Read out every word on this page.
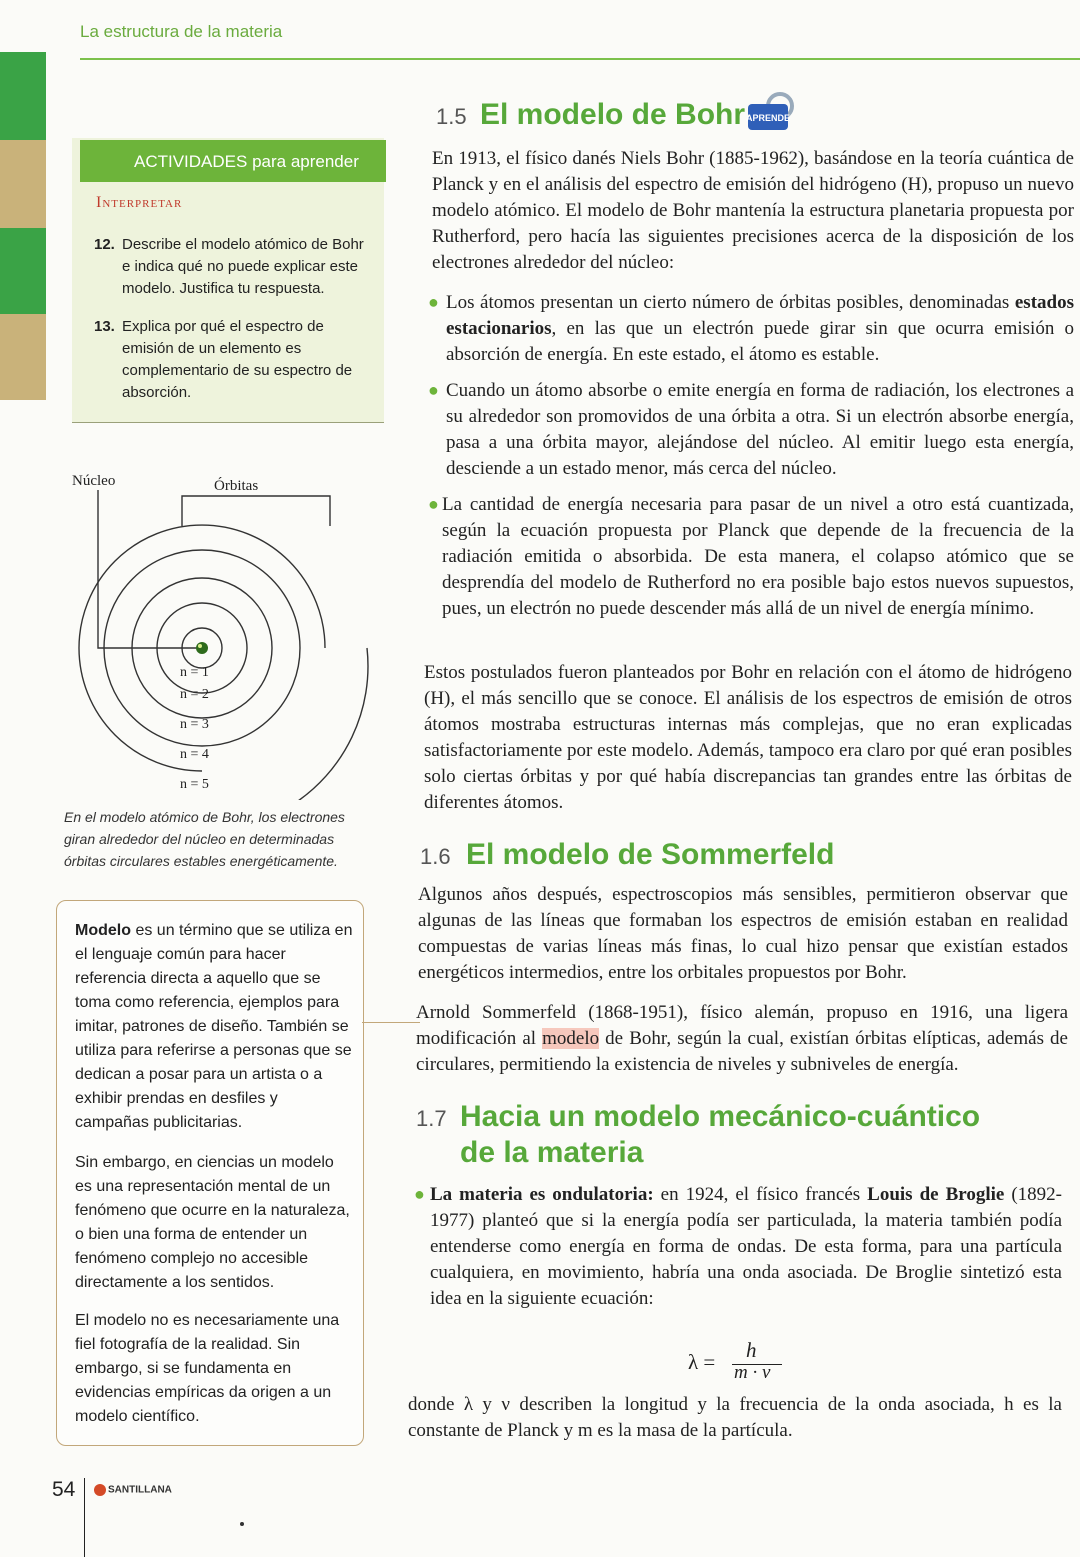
La estructura de la materia
ACTIVIDADES para aprender
Interpretar
12. Describe el modelo atómico de Bohr e indica qué no puede explicar este modelo. Justifica tu respuesta.
13. Explica por qué el espectro de emisión de un elemento es complementario de su espectro de absorción.
Núcleo	Órbitas
n = 1
n = 2
n = 3
n = 4
n = 5
En el modelo atómico de Bohr, los electrones giran alrededor del núcleo en determinadas órbitas circulares estables energéticamente.

Modelo es un término que se utiliza en el lenguaje común para hacer referencia directa a aquello que se toma como referencia, ejemplos para imitar, patrones de diseño. También se utiliza para referirse a personas que se dedican a posar para un artista o a exhibir prendas en desfiles y campañas publicitarias.

Sin embargo, en ciencias un modelo es una representación mental de un fenómeno que ocurre en la naturaleza, o bien una forma de entender un fenómeno complejo no accesible directamente a los sentidos.

El modelo no es necesariamente una fiel fotografía de la realidad. Sin embargo, si se fundamenta en evidencias empíricas da origen a un modelo científico.

54	SANTILLANA
1.5 El modelo de Bohr APRENDE
En 1913, el físico danés Niels Bohr (1885-1962), basándose en la teoría cuántica de Planck y en el análisis del espectro de emisión del hidrógeno (H), propuso un nuevo modelo atómico. El modelo de Bohr mantenía la estructura planetaria propuesta por Rutherford, pero hacía las siguientes precisiones acerca de la disposición de los electrones alrededor del núcleo:
● Los átomos presentan un cierto número de órbitas posibles, denominadas estados estacionarios, en las que un electrón puede girar sin que ocurra emisión o absorción de energía. En este estado, el átomo es estable.
● Cuando un átomo absorbe o emite energía en forma de radiación, los electrones a su alrededor son promovidos de una órbita a otra. Si un electrón absorbe energía, pasa a una órbita mayor, alejándose del núcleo. Al emitir luego esta energía, desciende a un estado menor, más cerca del núcleo.
● La cantidad de energía necesaria para pasar de un nivel a otro está cuantizada, según la ecuación propuesta por Planck que depende de la frecuencia de la radiación emitida o absorbida. De esta manera, el colapso atómico que se desprendía del modelo de Rutherford no era posible bajo estos nuevos supuestos, pues, un electrón no puede descender más allá de un nivel de energía mínimo.
Estos postulados fueron planteados por Bohr en relación con el átomo de hidrógeno (H), el más sencillo que se conoce. El análisis de los espectros de emisión de otros átomos mostraba estructuras internas más complejas, que no eran explicadas satisfactoriamente por este modelo. Además, tampoco era claro por qué eran posibles solo ciertas órbitas y por qué había discrepancias tan grandes entre las órbitas de diferentes átomos.
1.6 El modelo de Sommerfeld
Algunos años después, espectroscopios más sensibles, permitieron observar que algunas de las líneas que formaban los espectros de emisión estaban en realidad compuestas de varias líneas más finas, lo cual hizo pensar que existían estados energéticos intermedios, entre los orbitales propuestos por Bohr.
Arnold Sommerfeld (1868-1951), físico alemán, propuso en 1916, una ligera modificación al modelo de Bohr, según la cual, existían órbitas elípticas, además de circulares, permitiendo la existencia de niveles y subniveles de energía.
1.7 Hacia un modelo mecánico-cuántico
de la materia
● La materia es ondulatoria: en 1924, el físico francés Louis de Broglie (1892-1977) planteó que si la energía podía ser particulada, la materia también podía entenderse como energía en forma de ondas. De esta forma, para una partícula cualquiera, en movimiento, habría una onda asociada. De Broglie sintetizó esta idea en la siguiente ecuación:
λ = h
m · v
donde λ y ν describen la longitud y la frecuencia de la onda asociada, h es la constante de Planck y m es la masa de la partícula.
